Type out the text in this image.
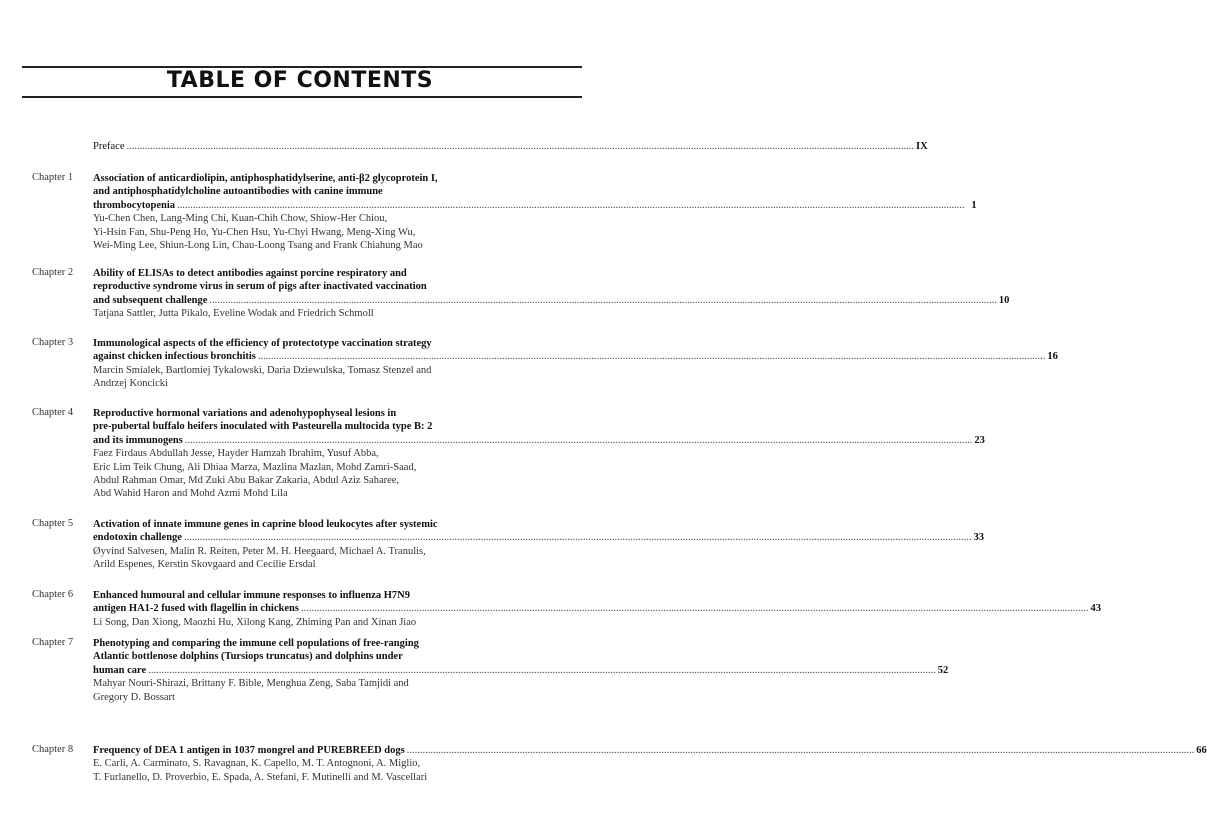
TABLE OF CONTENTS
Preface ............................................................................................................................................................................................................................................................................................................ IX
Chapter 1 Association of anticardiolipin, antiphosphatidylserine, anti-β2 glycoprotein I,
and antiphosphatidylcholine autoantibodies with canine immune
thrombocytopenia ............................................................................................................................................................................................................................................................................................................ 1
Yu-Chen Chen, Lang-Ming Chi, Kuan-Chih Chow, Shiow-Her Chiou,
Yi-Hsin Fan, Shu-Peng Ho, Yu-Chen Hsu, Yu-Chyi Hwang, Meng-Xing Wu,
Wei-Ming Lee, Shiun-Long Lin, Chau-Loong Tsang and Frank Chiahung Mao
Chapter 2 Ability of ELISAs to detect antibodies against porcine respiratory and
reproductive syndrome virus in serum of pigs after inactivated vaccination
and subsequent challenge ............................................................................................................................................................................................................................................................................................................ 10
Tatjana Sattler, Jutta Pikalo, Eveline Wodak and Friedrich Schmoll
Chapter 3 Immunological aspects of the efficiency of protectotype vaccination strategy
against chicken infectious bronchitis ............................................................................................................................................................................................................................................................................................................ 16
Marcin Smialek, Bartlomiej Tykalowski, Daria Dziewulska, Tomasz Stenzel and
Andrzej Koncicki
Chapter 4 Reproductive hormonal variations and adenohypophyseal lesions in
pre-pubertal buffalo heifers inoculated with Pasteurella multocida type B: 2
and its immunogens ............................................................................................................................................................................................................................................................................................................ 23
Faez Firdaus Abdullah Jesse, Hayder Hamzah Ibrahim, Yusuf Abba,
Eric Lim Teik Chung, Ali Dhiaa Marza, Mazlina Mazlan, Mohd Zamri-Saad,
Abdul Rahman Omar, Md Zuki Abu Bakar Zakaria, Abdul Aziz Saharee,
Abd Wahid Haron and Mohd Azmi Mohd Lila
Chapter 5 Activation of innate immune genes in caprine blood leukocytes after systemic
endotoxin challenge ............................................................................................................................................................................................................................................................................................................ 33
Øyvind Salvesen, Malin R. Reiten, Peter M. H. Heegaard, Michael A. Tranulis,
Arild Espenes, Kerstin Skovgaard and Cecilie Ersdal
Chapter 6 Enhanced humoural and cellular immune responses to influenza H7N9
antigen HA1-2 fused with flagellin in chickens ............................................................................................................................................................................................................................................................................................................ 43
Li Song, Dan Xiong, Maozhi Hu, Xilong Kang, Zhiming Pan and Xinan Jiao
Chapter 7 Phenotyping and comparing the immune cell populations of free-ranging
Atlantic bottlenose dolphins (Tursiops truncatus) and dolphins under
human care ............................................................................................................................................................................................................................................................................................................ 52
Mahyar Nouri-Shirazi, Brittany F. Bible, Menghua Zeng, Saba Tamjidi and
Gregory D. Bossart
Chapter 8 Frequency of DEA 1 antigen in 1037 mongrel and PUREBREED dogs ............................................................................................................................................................................................................................................................................................................ 66
E. Carli, A. Carminato, S. Ravagnan, K. Capello, M. T. Antognoni, A. Miglio,
T. Furlanello, D. Proverbio, E. Spada, A. Stefani, F. Mutinelli and M. Vascellari
